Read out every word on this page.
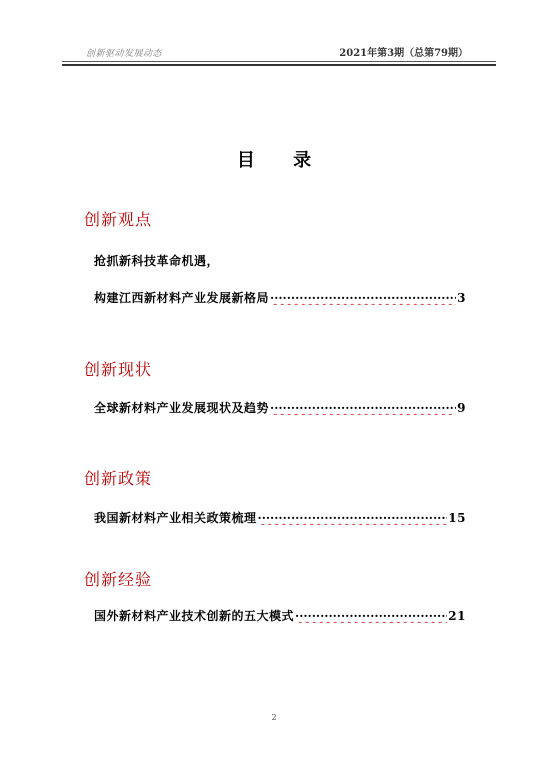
创新驱动发展动态	2021年第3期（总第79期）
目 录
创新观点
抢抓新科技革命机遇，
构建江西新材料产业发展新格局 ·····	3
创新现状
全球新材料产业发展现状及趋势 ·····	9
创新政策
我国新材料产业相关政策梳理 ·····	15
创新经验
国外新材料产业技术创新的五大模式 ·····	21
2
